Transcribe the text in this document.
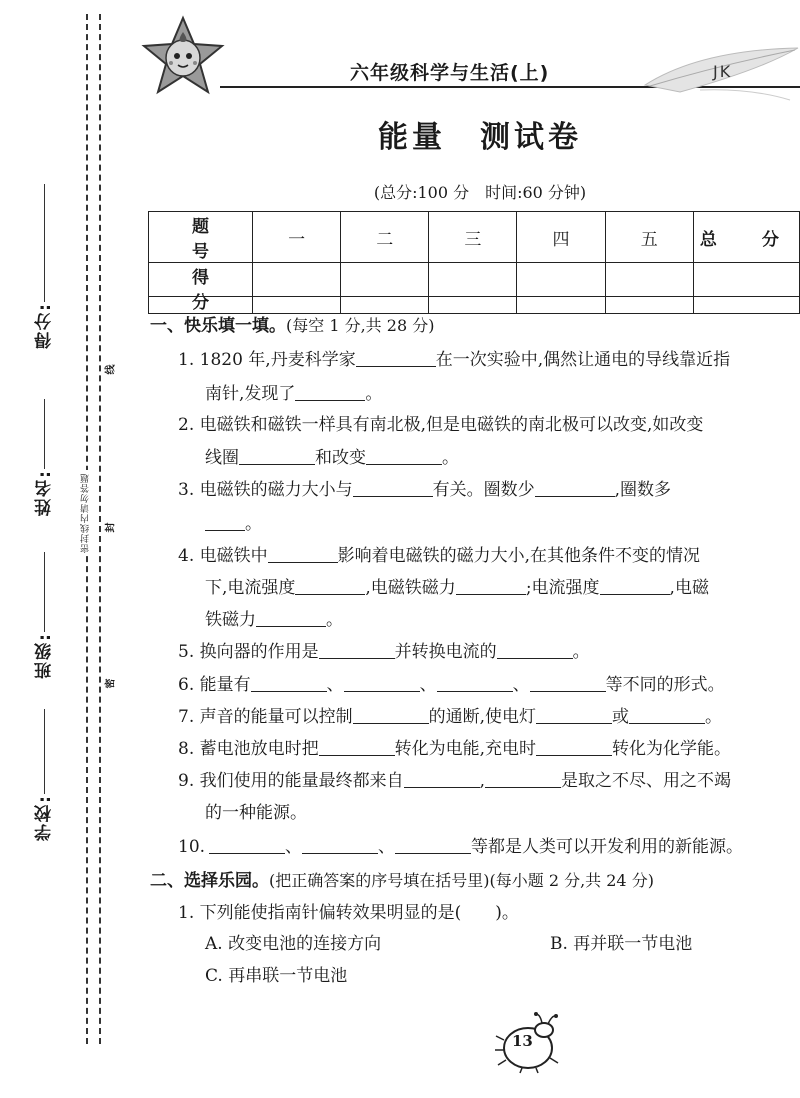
得分:
姓名:
班级:
学校:
密封线内请勿答题
线
封
密
六年级科学与生活(上)	JK
能量　测试卷
(总分:100 分　时间:60 分钟)
题　号	一	二	三	四	五	总　分
得　分						
一、快乐填一填。(每空 1 分,共 28 分)
1. 1820 年,丹麦科学家	在一次实验中,偶然让通电的导线靠近指
南针,发现了	。
2. 电磁铁和磁铁一样具有南北极,但是电磁铁的南北极可以改变,如改变
线圈	和改变	。
3. 电磁铁的磁力大小与	有关。圈数少	,圈数多
。
4. 电磁铁中	影响着电磁铁的磁力大小,在其他条件不变的情况
下,电流强度	,电磁铁磁力	;电流强度	,电磁
铁磁力	。
5. 换向器的作用是	并转换电流的	。
6. 能量有	、	、	、	等不同的形式。
7. 声音的能量可以控制	的通断,使电灯	或	。
8. 蓄电池放电时把	转化为电能,充电时	转化为化学能。
9. 我们使用的能量最终都来自	,	是取之不尽、用之不竭
的一种能源。
10.	、	、	等都是人类可以开发利用的新能源。
二、选择乐园。(把正确答案的序号填在括号里)(每小题 2 分,共 24 分)
1. 下列能使指南针偏转效果明显的是(　　)。
A. 改变电池的连接方向	B. 再并联一节电池
C. 再串联一节电池
13
